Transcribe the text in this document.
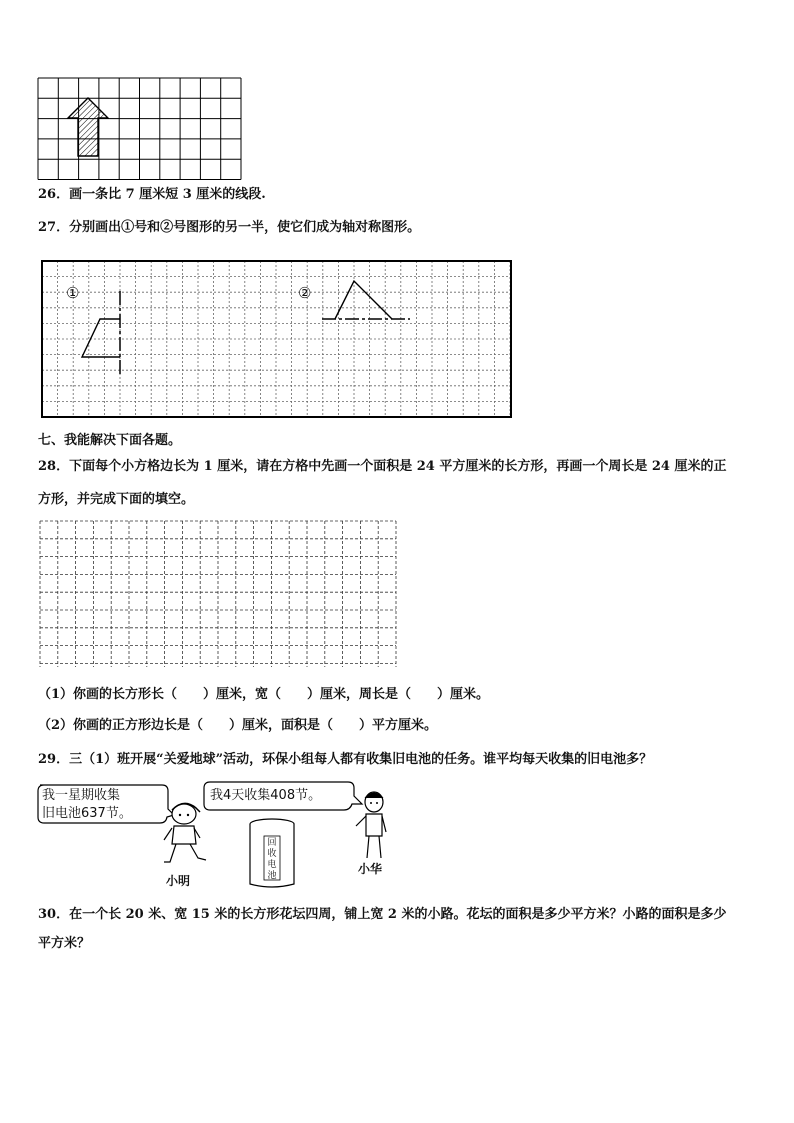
26．画一条比 7 厘米短 3 厘米的线段.
27．分别画出①号和②号图形的另一半，使它们成为轴对称图形。
①	②
七、我能解决下面各题。
28．下面每个小方格边长为 1 厘米，请在方格中先画一个面积是 24 平方厘米的长方形，再画一个周长是 24 厘米的正
方形，并完成下面的填空。
（1）你画的长方形长（　　）厘米，宽（　　）厘米，周长是（　　）厘米。
（2）你画的正方形边长是（　　）厘米，面积是（　　）平方厘米。
29．三（1）班开展“关爱地球”活动，环保小组每人都有收集旧电池的任务。谁平均每天收集的旧电池多？
我一星期收集
旧电池637节。
我4天收集408节。
小明
回
收
电
池	小华
30．在一个长 20 米、宽 15 米的长方形花坛四周，铺上宽 2 米的小路。花坛的面积是多少平方米？小路的面积是多少
平方米？
